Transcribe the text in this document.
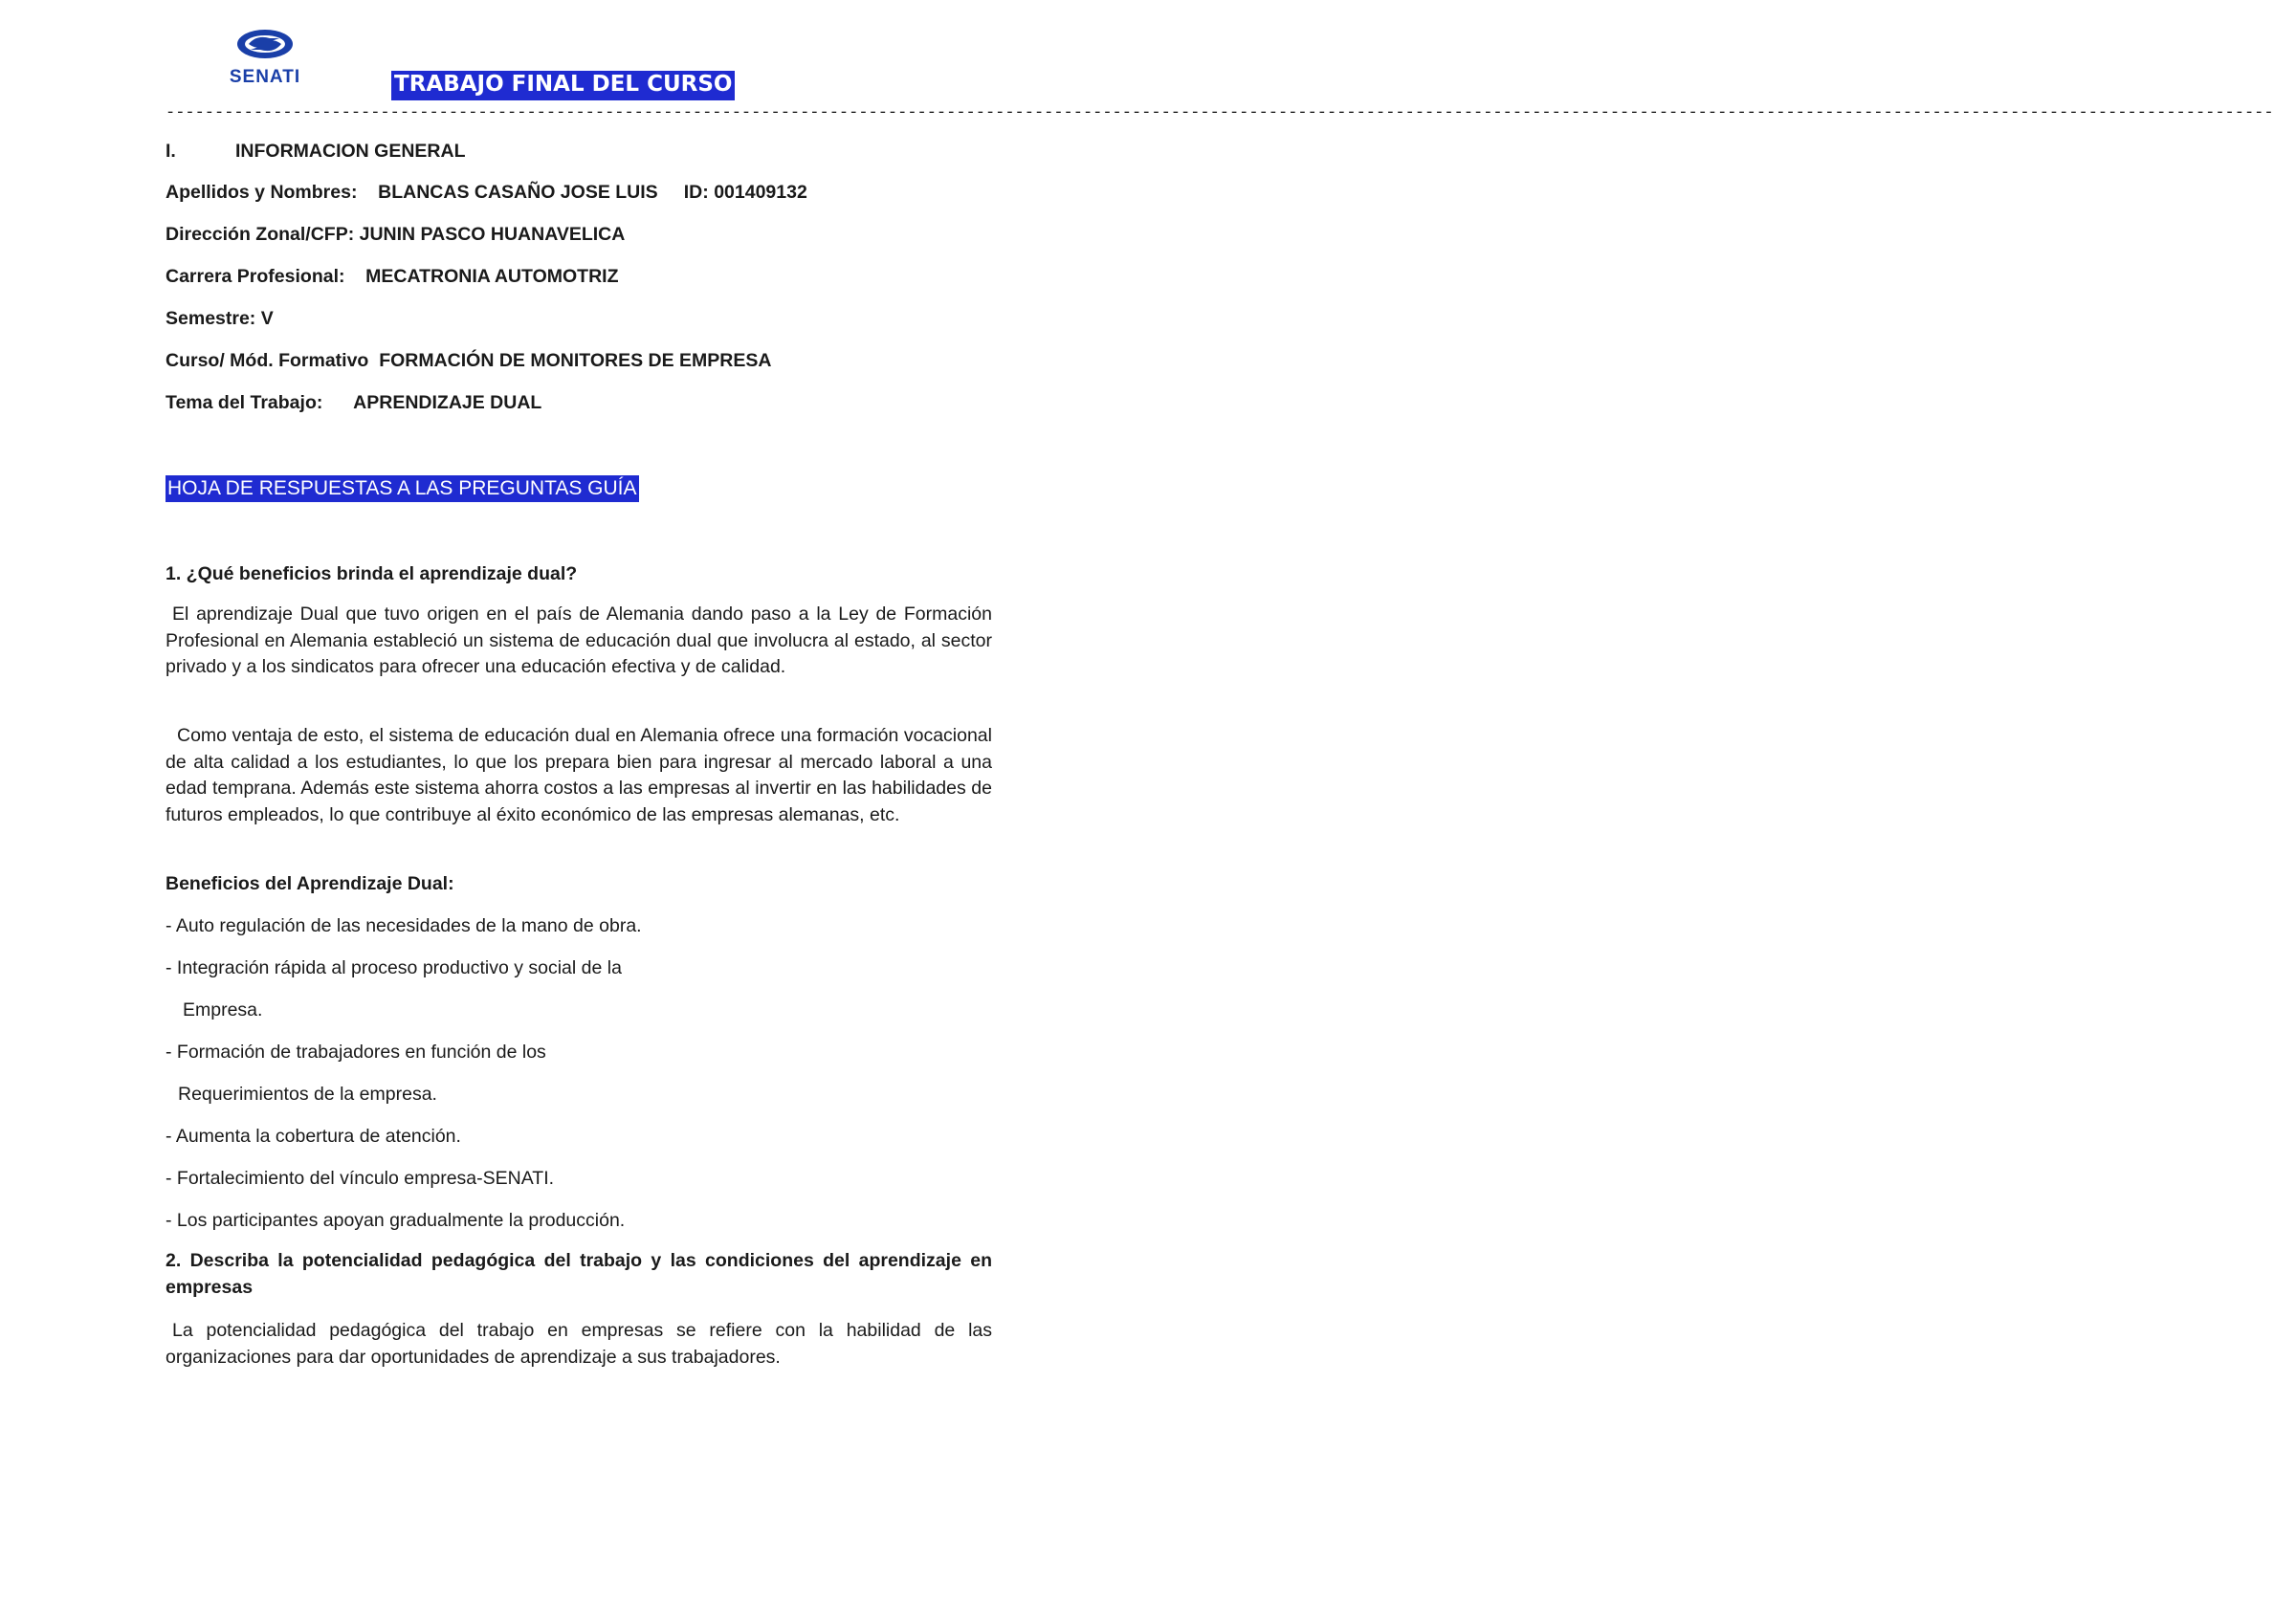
SENATI	TRABAJO FINAL DEL CURSO
------------------------------------------------------------------------------------------------------------------------------------------------------------------------------------------------------------------------
I.	INFORMACION GENERAL
Apellidos y Nombres: BLANCAS CASAÑO JOSE LUIS ID: 001409132
Dirección Zonal/CFP: JUNIN PASCO HUANAVELICA
Carrera Profesional: MECATRONIA AUTOMOTRIZ
Semestre: V
Curso/ Mód. Formativo FORMACIÓN DE MONITORES DE EMPRESA
Tema del Trabajo: APRENDIZAJE DUAL
HOJA DE RESPUESTAS A LAS PREGUNTAS GUÍA
1. ¿Qué beneficios brinda el aprendizaje dual?
El aprendizaje Dual que tuvo origen en el país de Alemania dando paso a la Ley de Formación Profesional en Alemania estableció un sistema de educación dual que involucra al estado, al sector privado y a los sindicatos para ofrecer una educación efectiva y de calidad.
Como ventaja de esto, el sistema de educación dual en Alemania ofrece una formación vocacional de alta calidad a los estudiantes, lo que los prepara bien para ingresar al mercado laboral a una edad temprana. Además este sistema ahorra costos a las empresas al invertir en las habilidades de futuros empleados, lo que contribuye al éxito económico de las empresas alemanas, etc.
Beneficios del Aprendizaje Dual:
- Auto regulación de las necesidades de la mano de obra.
- Integración rápida al proceso productivo y social de la
Empresa.
- Formación de trabajadores en función de los
Requerimientos de la empresa.
- Aumenta la cobertura de atención.
- Fortalecimiento del vínculo empresa-SENATI.
- Los participantes apoyan gradualmente la producción.
2. Describa la potencialidad pedagógica del trabajo y las condiciones del aprendizaje en empresas
La potencialidad pedagógica del trabajo en empresas se refiere con la habilidad de las organizaciones para dar oportunidades de aprendizaje a sus trabajadores.
